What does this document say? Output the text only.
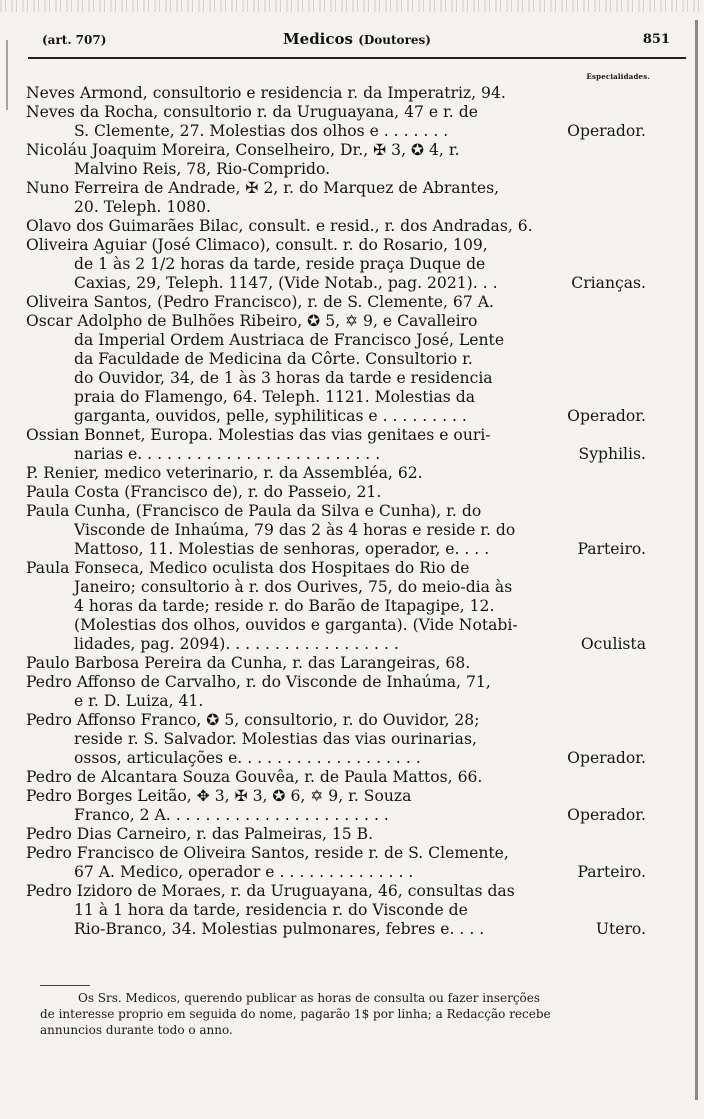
(art. 707)	Medicos (Doutores)	851
Especialidades.
Neves Armond, consultorio e residencia r. da Imperatriz, 94.
Neves da Rocha, consultorio r. da Uruguayana, 47 e r. de
S. Clemente, 27. Molestias dos olhos e . . . . . . .	Operador.
Nicoláu Joaquim Moreira, Conselheiro, Dr., ✠ 3, ✪ 4, r.
Malvino Reis, 78, Rio-Comprido.
Nuno Ferreira de Andrade, ✠ 2, r. do Marquez de Abrantes,
20. Teleph. 1080.
Olavo dos Guimarães Bilac, consult. e resid., r. dos Andradas, 6.
Oliveira Aguiar (José Climaco), consult. r. do Rosario, 109,
de 1 às 2 1/2 horas da tarde, reside praça Duque de
Caxias, 29, Teleph. 1147, (Vide Notab., pag. 2021). . .	Crianças.
Oliveira Santos, (Pedro Francisco), r. de S. Clemente, 67 A.
Oscar Adolpho de Bulhões Ribeiro, ✪ 5, ✡ 9, e Cavalleiro
da Imperial Ordem Austriaca de Francisco José, Lente
da Faculdade de Medicina da Côrte. Consultorio r.
do Ouvidor, 34, de 1 às 3 horas da tarde e residencia
praia do Flamengo, 64. Teleph. 1121. Molestias da
garganta, ouvidos, pelle, syphiliticas e . . . . . . . . .	Operador.
Ossian Bonnet, Europa. Molestias das vias genitaes e ouri-
narias e. . . . . . . . . . . . . . . . . . . . . . . . .	Syphilis.
P. Renier, medico veterinario, r. da Assembléa, 62.
Paula Costa (Francisco de), r. do Passeio, 21.
Paula Cunha, (Francisco de Paula da Silva e Cunha), r. do
Visconde de Inhaúma, 79 das 2 às 4 horas e reside r. do
Mattoso, 11. Molestias de senhoras, operador, e. . . .	Parteiro.
Paula Fonseca, Medico oculista dos Hospitaes do Rio de
Janeiro; consultorio à r. dos Ourives, 75, do meio-dia às
4 horas da tarde; reside r. do Barão de Itapagipe, 12.
(Molestias dos olhos, ouvidos e garganta). (Vide Notabi-
lidades, pag. 2094). . . . . . . . . . . . . . . . . .	Oculista
Paulo Barbosa Pereira da Cunha, r. das Larangeiras, 68.
Pedro Affonso de Carvalho, r. do Visconde de Inhaúma, 71,
e r. D. Luiza, 41.
Pedro Affonso Franco, ✪ 5, consultorio, r. do Ouvidor, 28;
reside r. S. Salvador. Molestias das vias ourinarias,
ossos, articulações e. . . . . . . . . . . . . . . . . . .	Operador.
Pedro de Alcantara Souza Gouvêa, r. de Paula Mattos, 66.
Pedro Borges Leitão, ✥ 3, ✠ 3, ✪ 6, ✡ 9, r. Souza
Franco, 2 A. . . . . . . . . . . . . . . . . . . . . . .	Operador.
Pedro Dias Carneiro, r. das Palmeiras, 15 B.
Pedro Francisco de Oliveira Santos, reside r. de S. Clemente,
67 A. Medico, operador e . . . . . . . . . . . . . .	Parteiro.
Pedro Izidoro de Moraes, r. da Uruguayana, 46, consultas das
11 à 1 hora da tarde, residencia r. do Visconde de
Rio-Branco, 34. Molestias pulmonares, febres e. . . .	Utero.

Os Srs. Medicos, querendo publicar as horas de consulta ou fazer inserções

de interesse proprio em seguida do nome, pagarão 1$ por linha; a Redacção recebe

annuncios durante todo o anno.
